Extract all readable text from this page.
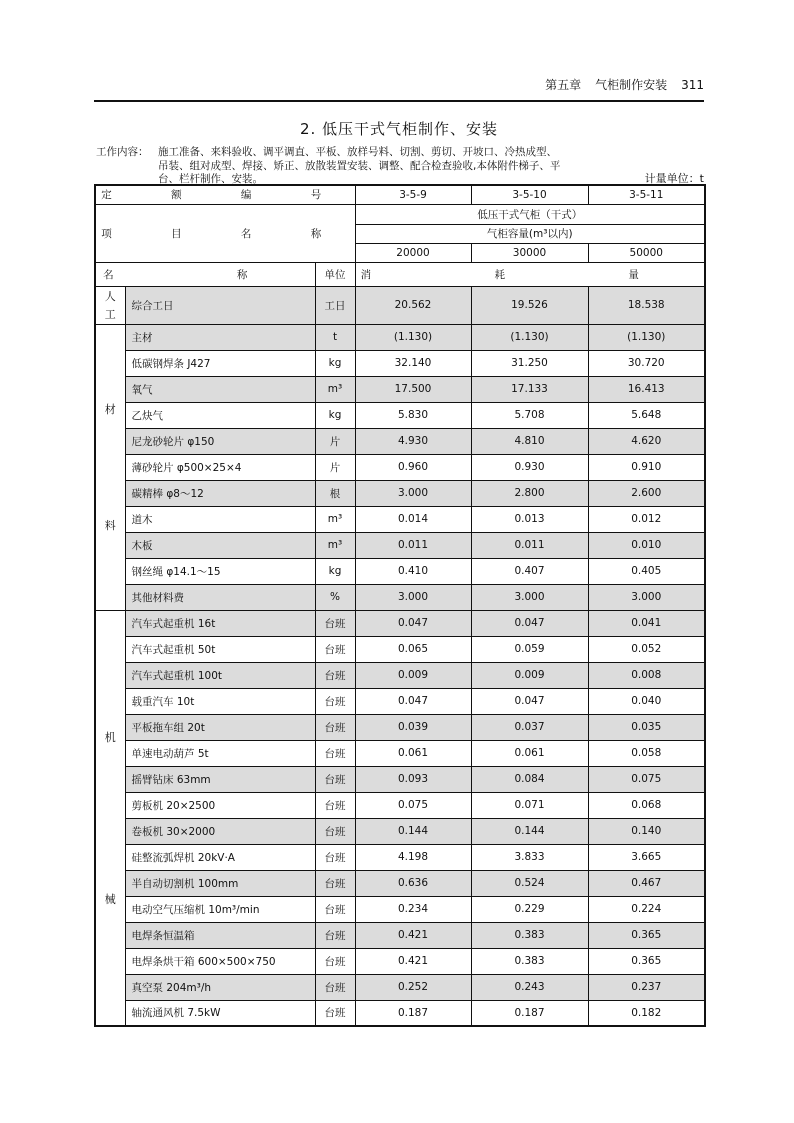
第五章 气柜制作安装 311
2. 低压干式气柜制作、安装
工作内容： 施工准备、来料验收、调平调直、平板、放样号料、切割、剪切、开坡口、冷热成型、
吊装、组对成型、焊接、矫正、放散装置安装、调整、配合检查验收,本体附件梯子、平
台、栏杆制作、安装。	计量单位：t
定 额 编 号			3-5-9	3-5-10	3-5-11
项 目 名 称			低压干式气柜（干式）		
			气柜容量(m³以内)		
			20000	30000	50000
名 称		单位	消 耗 量		

人
工	综合工日	工日	20.562	19.526	18.538

材
料	主材	t	(1.130)	(1.130)	(1.130)
	低碳钢焊条 J427	kg	32.140	31.250	30.720
	氧气	m³	17.500	17.133	16.413
	乙炔气	kg	5.830	5.708	5.648
	尼龙砂轮片 φ150	片	4.930	4.810	4.620
	薄砂轮片 φ500×25×4	片	0.960	0.930	0.910
	碳精棒 φ8～12	根	3.000	2.800	2.600
	道木	m³	0.014	0.013	0.012
	木板	m³	0.011	0.011	0.010
	钢丝绳 φ14.1～15	kg	0.410	0.407	0.405
	其他材料费	%	3.000	3.000	3.000

机
械	汽车式起重机 16t	台班	0.047	0.047	0.041
	汽车式起重机 50t	台班	0.065	0.059	0.052
	汽车式起重机 100t	台班	0.009	0.009	0.008
	载重汽车 10t	台班	0.047	0.047	0.040
	平板拖车组 20t	台班	0.039	0.037	0.035
	单速电动葫芦 5t	台班	0.061	0.061	0.058
	摇臂钻床 63mm	台班	0.093	0.084	0.075
	剪板机 20×2500	台班	0.075	0.071	0.068
	卷板机 30×2000	台班	0.144	0.144	0.140
	硅整流弧焊机 20kV·A	台班	4.198	3.833	3.665
	半自动切割机 100mm	台班	0.636	0.524	0.467
	电动空气压缩机 10m³/min	台班	0.234	0.229	0.224
	电焊条恒温箱	台班	0.421	0.383	0.365
	电焊条烘干箱 600×500×750	台班	0.421	0.383	0.365
	真空泵 204m³/h	台班	0.252	0.243	0.237
	轴流通风机 7.5kW	台班	0.187	0.187	0.182
